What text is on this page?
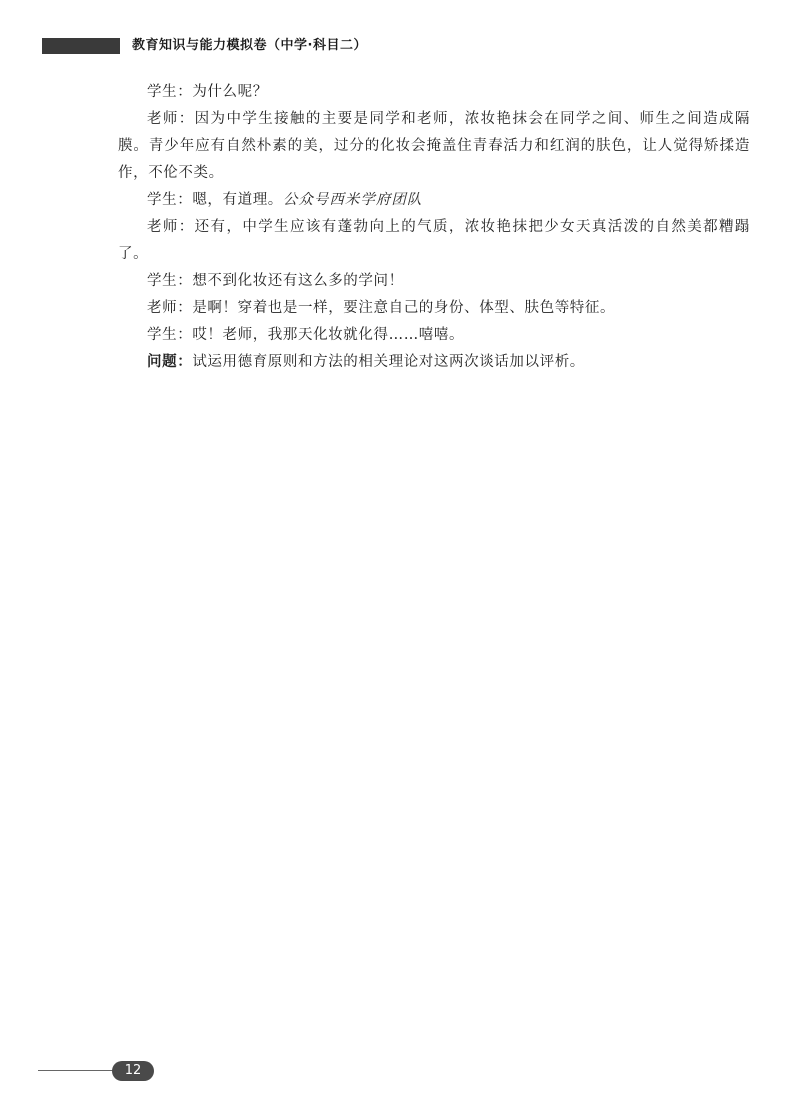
教育知识与能力模拟卷（中学·科目二）

学生：为什么呢？

老师：因为中学生接触的主要是同学和老师，浓妆艳抹会在同学之间、师生之间造成隔膜。青少年应有自然朴素的美，过分的化妆会掩盖住青春活力和红润的肤色，让人觉得矫揉造作，不伦不类。

学生：嗯，有道理。公众号西米学府团队

老师：还有，中学生应该有蓬勃向上的气质，浓妆艳抹把少女天真活泼的自然美都糟蹋了。

学生：想不到化妆还有这么多的学问！

老师：是啊！穿着也是一样，要注意自己的身份、体型、肤色等特征。

学生：哎！老师，我那天化妆就化得……嘻嘻。

问题：试运用德育原则和方法的相关理论对这两次谈话加以评析。

12
